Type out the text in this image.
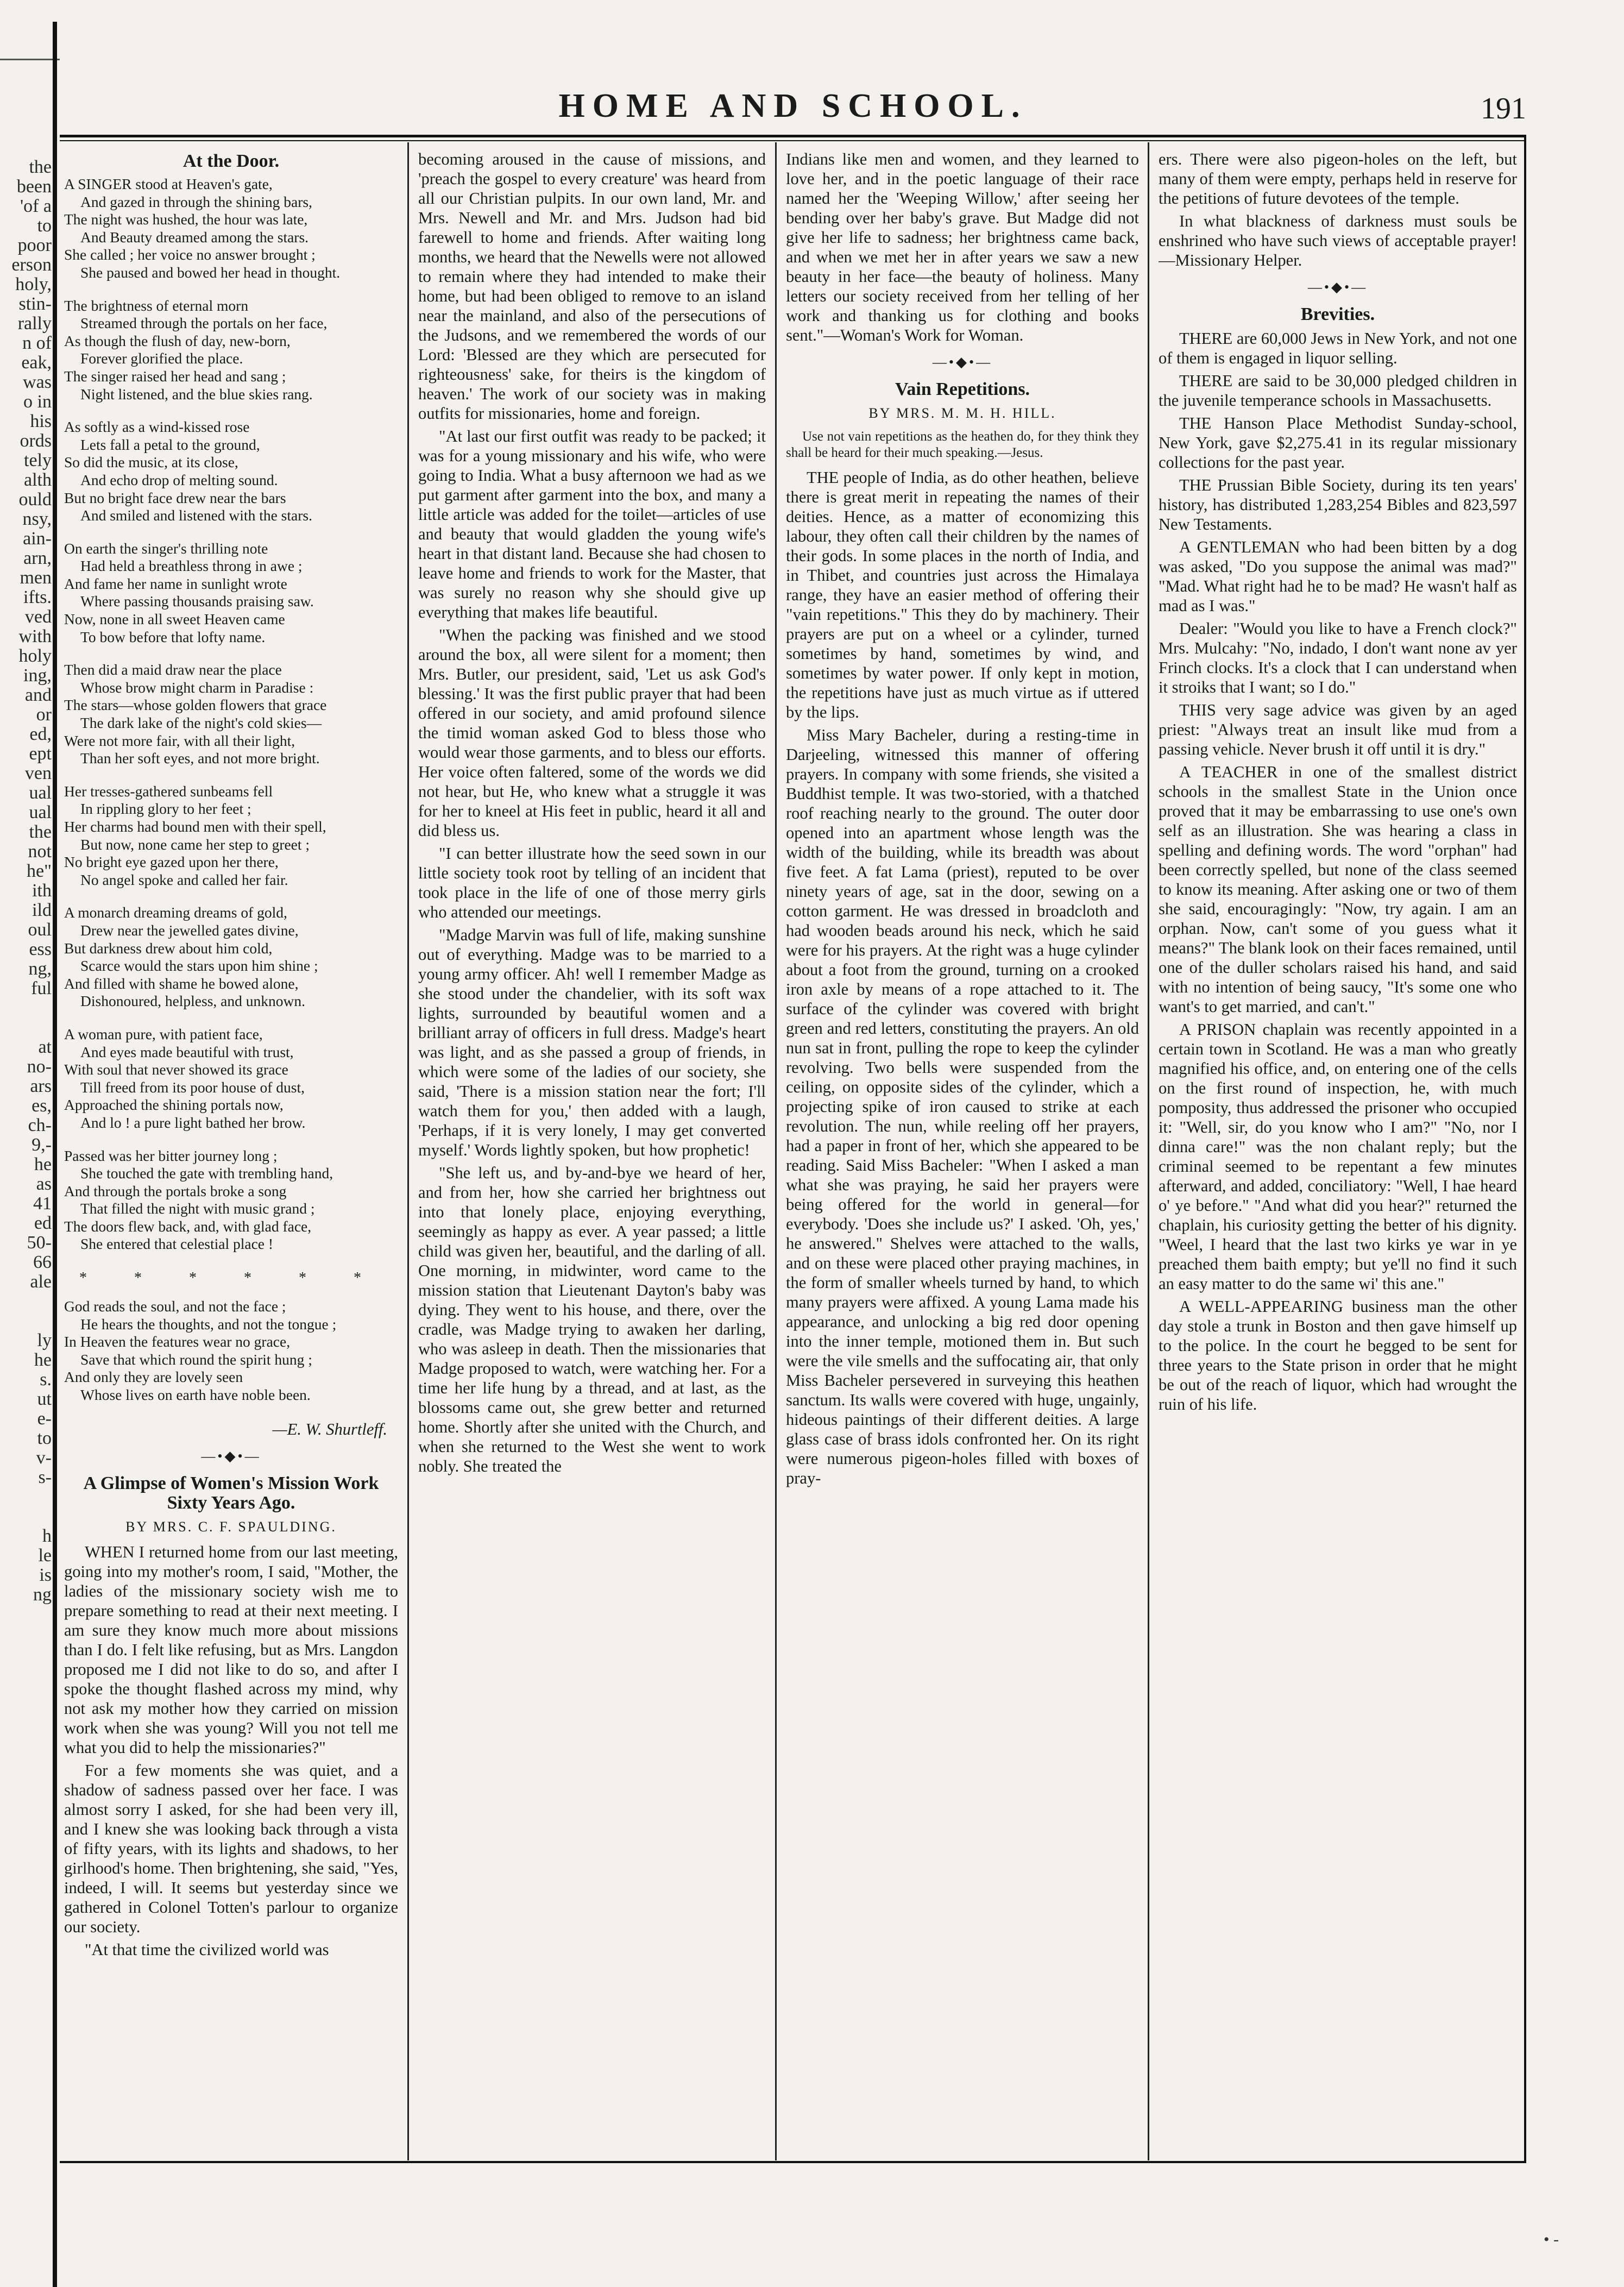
the
been
'of a
to
poor
erson
holy,
stin-
rally
n of
eak,
was
o in
his
ords
tely
alth
ould
nsy,
ain-
arn,
men
ifts.
ved
with
holy
ing,
and
or
ed,
ept
ven
ual
ual
the
not
he"
ith
ild
oul
ess
ng,
ful
at
no-
ars
es,
ch-
9,-
he
as
41
ed
50-
66
ale
ly
he
s.
ut
e-
to
v-
s-
h
le
is
ng
HOME AND SCHOOL.	191
At the Door.
A SINGER stood at Heaven's gate,
And gazed in through the shining bars,
The night was hushed, the hour was late,
And Beauty dreamed among the stars.
She called ; her voice no answer brought ;
She paused and bowed her head in thought.
The brightness of eternal morn
Streamed through the portals on her face,
As though the flush of day, new-born,
Forever glorified the place.
The singer raised her head and sang ;
Night listened, and the blue skies rang.
As softly as a wind-kissed rose
Lets fall a petal to the ground,
So did the music, at its close,
And echo drop of melting sound.
But no bright face drew near the bars
And smiled and listened with the stars.
On earth the singer's thrilling note
Had held a breathless throng in awe ;
And fame her name in sunlight wrote
Where passing thousands praising saw.
Now, none in all sweet Heaven came
To bow before that lofty name.
Then did a maid draw near the place
Whose brow might charm in Paradise :
The stars—whose golden flowers that grace
The dark lake of the night's cold skies—
Were not more fair, with all their light,
Than her soft eyes, and not more bright.
Her tresses-gathered sunbeams fell
In rippling glory to her feet ;
Her charms had bound men with their spell,
But now, none came her step to greet ;
No bright eye gazed upon her there,
No angel spoke and called her fair.
A monarch dreaming dreams of gold,
Drew near the jewelled gates divine,
But darkness drew about him cold,
Scarce would the stars upon him shine ;
And filled with shame he bowed alone,
Dishonoured, helpless, and unknown.
A woman pure, with patient face,
And eyes made beautiful with trust,
With soul that never showed its grace
Till freed from its poor house of dust,
Approached the shining portals now,
And lo ! a pure light bathed her brow.
Passed was her bitter journey long ;
She touched the gate with trembling hand,
And through the portals broke a song
That filled the night with music grand ;
The doors flew back, and, with glad face,
She entered that celestial place !
* * * * * *
God reads the soul, and not the face ;
He hears the thoughts, and not the tongue ;
In Heaven the features wear no grace,
Save that which round the spirit hung ;
And only they are lovely seen
Whose lives on earth have noble been.
—E. W. Shurtleff.
—•◆•—
A Glimpse of Women's Mission Work Sixty Years Ago.
BY MRS. C. F. SPAULDING.

WHEN I returned home from our last meeting, going into my mother's room, I said, "Mother, the ladies of the missionary society wish me to prepare something to read at their next meeting. I am sure they know much more about missions than I do. I felt like refusing, but as Mrs. Langdon proposed me I did not like to do so, and after I spoke the thought flashed across my mind, why not ask my mother how they carried on mission work when she was young? Will you not tell me what you did to help the missionaries?"

For a few moments she was quiet, and a shadow of sadness passed over her face. I was almost sorry I asked, for she had been very ill, and I knew she was looking back through a vista of fifty years, with its lights and shadows, to her girlhood's home. Then brightening, she said, "Yes, indeed, I will. It seems but yesterday since we gathered in Colonel Totten's parlour to organize our society.

"At that time the civilized world was

becoming aroused in the cause of missions, and 'preach the gospel to every creature' was heard from all our Christian pulpits. In our own land, Mr. and Mrs. Newell and Mr. and Mrs. Judson had bid farewell to home and friends. After waiting long months, we heard that the Newells were not allowed to remain where they had intended to make their home, but had been obliged to remove to an island near the mainland, and also of the persecutions of the Judsons, and we remembered the words of our Lord: 'Blessed are they which are persecuted for righteousness' sake, for theirs is the kingdom of heaven.' The work of our society was in making outfits for missionaries, home and foreign.

"At last our first outfit was ready to be packed; it was for a young missionary and his wife, who were going to India. What a busy afternoon we had as we put garment after garment into the box, and many a little article was added for the toilet—articles of use and beauty that would gladden the young wife's heart in that distant land. Because she had chosen to leave home and friends to work for the Master, that was surely no reason why she should give up everything that makes life beautiful.

"When the packing was finished and we stood around the box, all were silent for a moment; then Mrs. Butler, our president, said, 'Let us ask God's blessing.' It was the first public prayer that had been offered in our society, and amid profound silence the timid woman asked God to bless those who would wear those garments, and to bless our efforts. Her voice often faltered, some of the words we did not hear, but He, who knew what a struggle it was for her to kneel at His feet in public, heard it all and did bless us.

"I can better illustrate how the seed sown in our little society took root by telling of an incident that took place in the life of one of those merry girls who attended our meetings.

"Madge Marvin was full of life, making sunshine out of everything. Madge was to be married to a young army officer. Ah! well I remember Madge as she stood under the chandelier, with its soft wax lights, surrounded by beautiful women and a brilliant array of officers in full dress. Madge's heart was light, and as she passed a group of friends, in which were some of the ladies of our society, she said, 'There is a mission station near the fort; I'll watch them for you,' then added with a laugh, 'Perhaps, if it is very lonely, I may get converted myself.' Words lightly spoken, but how prophetic!

"She left us, and by-and-bye we heard of her, and from her, how she carried her brightness out into that lonely place, enjoying everything, seemingly as happy as ever. A year passed; a little child was given her, beautiful, and the darling of all. One morning, in midwinter, word came to the mission station that Lieutenant Dayton's baby was dying. They went to his house, and there, over the cradle, was Madge trying to awaken her darling, who was asleep in death. Then the missionaries that Madge proposed to watch, were watching her. For a time her life hung by a thread, and at last, as the blossoms came out, she grew better and returned home. Shortly after she united with the Church, and when she returned to the West she went to work nobly. She treated the

Indians like men and women, and they learned to love her, and in the poetic language of their race named her the 'Weeping Willow,' after seeing her bending over her baby's grave. But Madge did not give her life to sadness; her brightness came back, and when we met her in after years we saw a new beauty in her face—the beauty of holiness. Many letters our society received from her telling of her work and thanking us for clothing and books sent."—Woman's Work for Woman.

—•◆•—
Vain Repetitions.
BY MRS. M. M. H. HILL.
Use not vain repetitions as the heathen do, for they think they shall be heard for their much speaking.—Jesus.

THE people of India, as do other heathen, believe there is great merit in repeating the names of their deities. Hence, as a matter of economizing this labour, they often call their children by the names of their gods. In some places in the north of India, and in Thibet, and countries just across the Himalaya range, they have an easier method of offering their "vain repetitions." This they do by machinery. Their prayers are put on a wheel or a cylinder, turned sometimes by hand, sometimes by wind, and sometimes by water power. If only kept in motion, the repetitions have just as much virtue as if uttered by the lips.

Miss Mary Bacheler, during a resting-time in Darjeeling, witnessed this manner of offering prayers. In company with some friends, she visited a Buddhist temple. It was two-storied, with a thatched roof reaching nearly to the ground. The outer door opened into an apartment whose length was the width of the building, while its breadth was about five feet. A fat Lama (priest), reputed to be over ninety years of age, sat in the door, sewing on a cotton garment. He was dressed in broadcloth and had wooden beads around his neck, which he said were for his prayers. At the right was a huge cylinder about a foot from the ground, turning on a crooked iron axle by means of a rope attached to it. The surface of the cylinder was covered with bright green and red letters, constituting the prayers. An old nun sat in front, pulling the rope to keep the cylinder revolving. Two bells were suspended from the ceiling, on opposite sides of the cylinder, which a projecting spike of iron caused to strike at each revolution. The nun, while reeling off her prayers, had a paper in front of her, which she appeared to be reading. Said Miss Bacheler: "When I asked a man what she was praying, he said her prayers were being offered for the world in general—for everybody. 'Does she include us?' I asked. 'Oh, yes,' he answered." Shelves were attached to the walls, and on these were placed other praying machines, in the form of smaller wheels turned by hand, to which many prayers were affixed. A young Lama made his appearance, and unlocking a big red door opening into the inner temple, motioned them in. But such were the vile smells and the suffocating air, that only Miss Bacheler persevered in surveying this heathen sanctum. Its walls were covered with huge, ungainly, hideous paintings of their different deities. A large glass case of brass idols confronted her. On its right were numerous pigeon-holes filled with boxes of pray-

ers. There were also pigeon-holes on the left, but many of them were empty, perhaps held in reserve for the petitions of future devotees of the temple.

In what blackness of darkness must souls be enshrined who have such views of acceptable prayer!—Missionary Helper.

—•◆•—
Brevities.

THERE are 60,000 Jews in New York, and not one of them is engaged in liquor selling.

THERE are said to be 30,000 pledged children in the juvenile temperance schools in Massachusetts.

THE Hanson Place Methodist Sunday-school, New York, gave $2,275.41 in its regular missionary collections for the past year.

THE Prussian Bible Society, during its ten years' history, has distributed 1,283,254 Bibles and 823,597 New Testaments.

A GENTLEMAN who had been bitten by a dog was asked, "Do you suppose the animal was mad?" "Mad. What right had he to be mad? He wasn't half as mad as I was."

Dealer: "Would you like to have a French clock?" Mrs. Mulcahy: "No, indado, I don't want none av yer Frinch clocks. It's a clock that I can understand when it stroiks that I want; so I do."

THIS very sage advice was given by an aged priest: "Always treat an insult like mud from a passing vehicle. Never brush it off until it is dry."

A TEACHER in one of the smallest district schools in the smallest State in the Union once proved that it may be embarrassing to use one's own self as an illustration. She was hearing a class in spelling and defining words. The word "orphan" had been correctly spelled, but none of the class seemed to know its meaning. After asking one or two of them she said, encouragingly: "Now, try again. I am an orphan. Now, can't some of you guess what it means?" The blank look on their faces remained, until one of the duller scholars raised his hand, and said with no intention of being saucy, "It's some one who want's to get married, and can't."

A PRISON chaplain was recently appointed in a certain town in Scotland. He was a man who greatly magnified his office, and, on entering one of the cells on the first round of inspection, he, with much pomposity, thus addressed the prisoner who occupied it: "Well, sir, do you know who I am?" "No, nor I dinna care!" was the non chalant reply; but the criminal seemed to be repentant a few minutes afterward, and added, conciliatory: "Well, I hae heard o' ye before." "And what did you hear?" returned the chaplain, his curiosity getting the better of his dignity. "Weel, I heard that the last two kirks ye war in ye preached them baith empty; but ye'll no find it such an easy matter to do the same wi' this ane."

A WELL-APPEARING business man the other day stole a trunk in Boston and then gave himself up to the police. In the court he begged to be sent for three years to the State prison in order that he might be out of the reach of liquor, which had wrought the ruin of his life.

• -
